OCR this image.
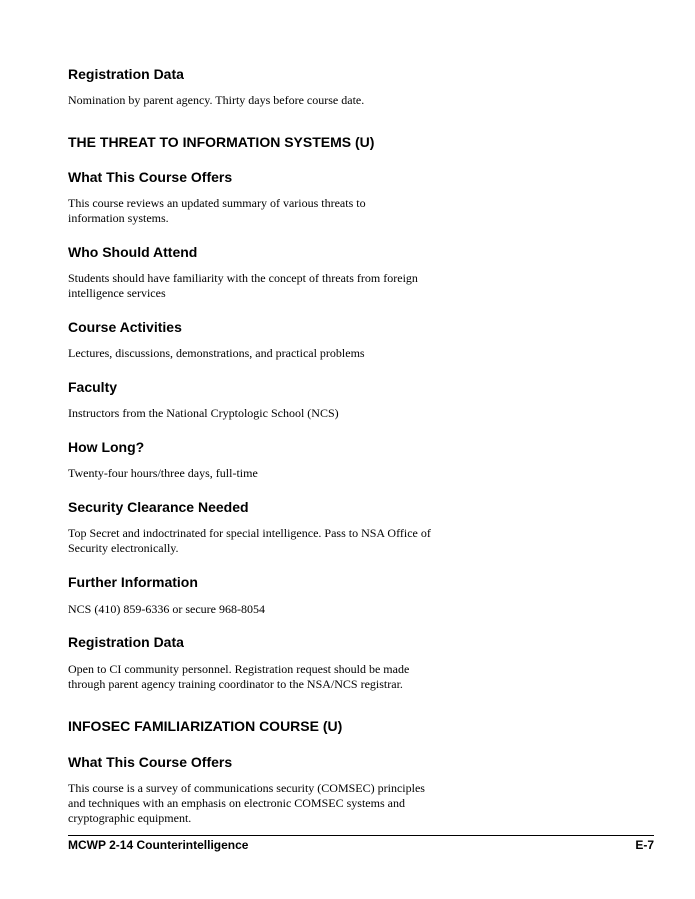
Registration Data

Nomination by parent agency. Thirty days before course date.

THE THREAT TO INFORMATION SYSTEMS (U)
What This Course Offers

This course reviews an updated summary of various threats to

information systems.

Who Should Attend

Students should have familiarity with the concept of threats from foreign

intelligence services

Course Activities

Lectures, discussions, demonstrations, and practical problems

Faculty

Instructors from the National Cryptologic School (NCS)

How Long?

Twenty-four hours/three days, full-time

Security Clearance Needed

Top Secret and indoctrinated for special intelligence. Pass to NSA Office of

Security electronically.

Further Information

NCS (410) 859-6336 or secure 968-8054

Registration Data

Open to CI community personnel. Registration request should be made

through parent agency training coordinator to the NSA/NCS registrar.

INFOSEC FAMILIARIZATION COURSE (U)
What This Course Offers

This course is a survey of communications security (COMSEC) principles

and techniques with an emphasis on electronic COMSEC systems and

cryptographic equipment.

MCWP 2-14 Counterintelligence	E-7
